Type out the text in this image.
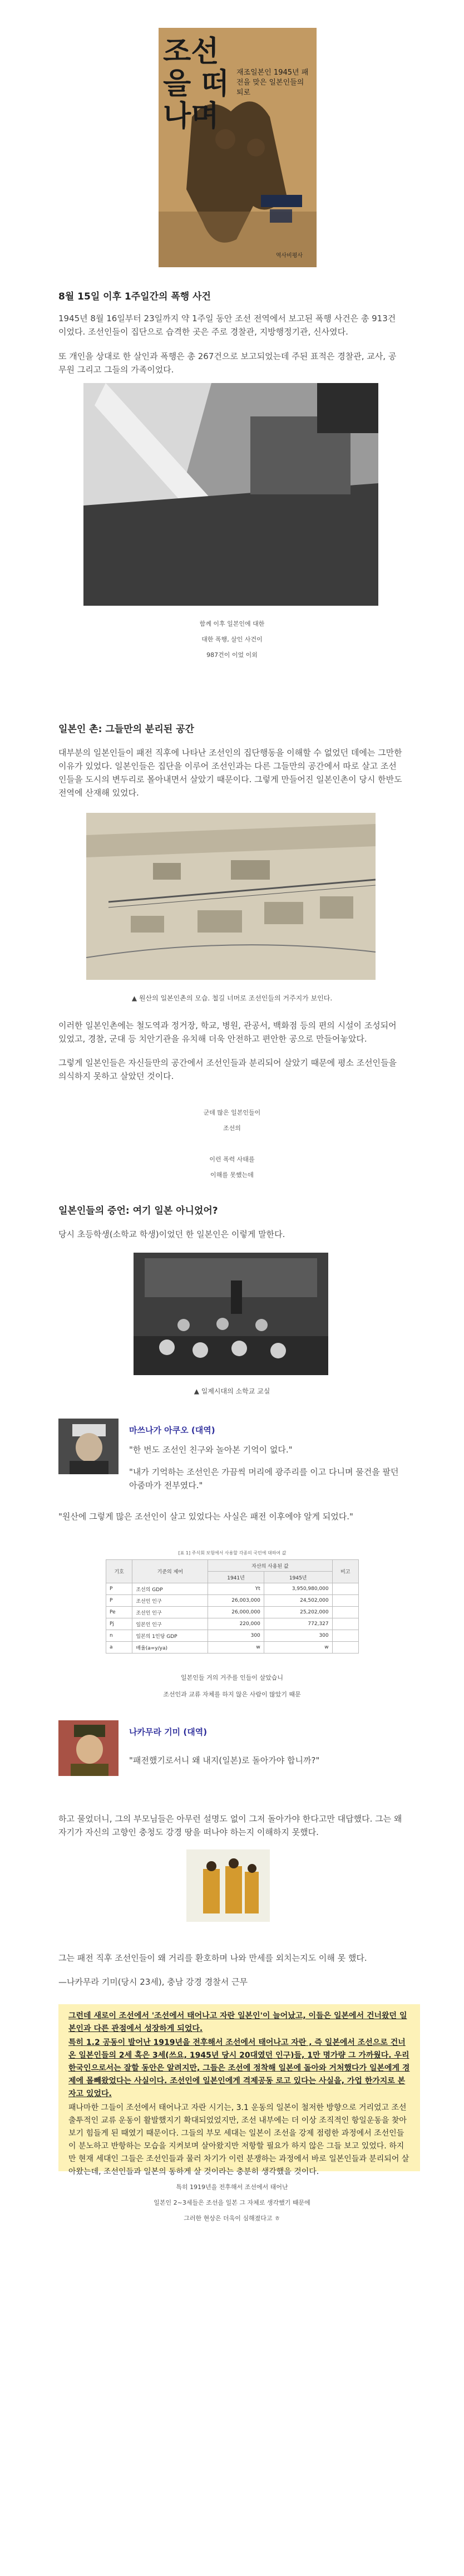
조선을 떠나며
재조일본인 1945년 패전을 맞은 일본인들의 퇴로
역사비평사
8월 15일 이후 1주일간의 폭행 사건

1945년 8월 16일부터 23일까지 약 1주일 동안 조선 전역에서 보고된 폭행 사건은 총 913건이었다. 조선인들이 집단으로 습격한 곳은 주로 경찰관, 지방행정기관, 신사였다.

또 개인을 상대로 한 살인과 폭행은 총 267건으로 보고되었는데 주된 표적은 경찰관, 교사, 공무원 그리고 그들의 가족이었다.

함께 이후 일본인에 대한
대한 폭행, 살인 사건이
987건이 이었 이외
일본인 촌: 그들만의 분리된 공간

대부분의 일본인들이 패전 직후에 나타난 조선인의 집단행동을 이해할 수 없었던 데에는 그만한 이유가 있었다. 일본인들은 집단을 이루어 조선인과는 다른 그들만의 공간에서 따로 살고 조선인들을 도시의 변두리로 몰아내면서 살았기 때문이다. 그렇게 만들어진 일본인촌이 당시 한반도 전역에 산재해 있었다.

▲ 원산의 일본인촌의 모습. 철길 너머로 조선인들의 거주지가 보인다.

이러한 일본인촌에는 철도역과 정거장, 학교, 병원, 관공서, 백화점 등의 편의 시설이 조성되어 있었고, 경찰, 군대 등 치안기관을 유치해 더욱 안전하고 편안한 공으로 만들어놓았다.

그렇게 일본인들은 자신들만의 공간에서 조선인들과 분리되어 살았기 때문에 평소 조선인들을 의식하지 못하고 살았던 것이다.

군데 많은 일본인들이
조선의
이런 폭력 사태를
이해를 못했는데
일본인들의 증언: 여기 일본 아니었어?

당시 초등학생(소학교 학생)이었던 한 일본인은 이렇게 말한다.

▲ 일제시대의 소학교 교실
마쓰나가 아쿠오 (대역)

"한 번도 조선인 친구와 놀아본 기억이 없다."

"내가 기억하는 조선인은 가끔씩 머리에 광주리를 이고 다니며 물건을 팔던 아줌마가 전부였다."

"원산에 그렇게 많은 조선인이 살고 있었다는 사실은 패전 이후에야 알게 되었다."

[표 1] 주식회 보험에서 사용할 각종의 국민에 대하여 값
기호	기준의 제어	자산의 사용된 값		비고
		1941년	1945년	
P	조선의 GDP	Yt	3,950,980,000	
P	조선인 인구	26,003,000	24,502,000	
Pe	조선인 인구	26,000,000	25,202,000	
Pj	일본인 인구	220,000	772,327	
n	일본의 1인당 GDP	300	300	
a	배율(a=y/ya)	w	w	
일본인들 거의 거주를 인들이 살았습니
조선인과 교류 자체를 하지 않은 사람이 많았기 때문
나카무라 기미 (대역)

"패전했기로서니 왜 내지(일본)로 돌아가야 합니까?"

하고 물었더니, 그의 부모님들은 아무런 설명도 없이 그저 돌아가야 한다고만 대답했다. 그는 왜 자기가 자신의 고향인 충청도 강경 땅을 떠나야 하는지 이해하지 못했다.

그는 패전 직후 조선인들이 왜 거리를 환호하며 나와 만세를 외치는지도 이해 못 했다.

—나카무라 기미(당시 23세), 충남 강경 경찰서 근무

그런데 새로이 조선에서 '조선에서 태어나고 자란 일본인'이 늘어났고, 이들은 일본에서 건너왔던 일본인과 다른 관점에서 성장하게 되었다.

특히 1.2 공동이 발어난 1919년을 전후해서 조선에서 태어나고 자란 , 즉 일본에서 조선으로 건너온 일본인들의 2세 혹은 3세(쓰요, 1945년 당시 20대였던 인구)들, 1만 명가량 그 가까웠다. 우리 한국인으로서는 잘할 동안은 알려지만, 그들은 조선에 정착해 일본에 돌아와 거처했다가 일본에게 경제에 몰빼왔었다는 사실이다. 조선인에 일본인에게 격제공동 로고 있다는 사실을, 가업 한가지로 본 자고 있었다.

패나마한 그들이 조선에서 태어나고 자란 시기는, 3.1 운동의 일본이 철저한 방향으로 거리었고 조선 출투적인 교류 운동이 활발했지기 확대되었었지만, 조선 내부에는 더 이상 조직적인 항일운동을 찾아보기 힘들게 된 때였기 때문이다. 그들의 부모 세대는 일본이 조선을 강제 점령한 과정에서 조선인들이 분노하고 반항하는 모습을 지켜보며 살아왔지만 저항할 필요가 하지 않은 그들 보고 있었다. 하지만 현재 세대인 그들은 조선인들과 물러 차기가 이런 분쟁하는 과정에서 바로 일본인들과 분리되어 살아왔는데, 조선인들과 일본의 동하게 살 것이라는 충분히 생각했을 것이다.

특히 1919년을 전후해서 조선에서 태어난
일본인 2~3세들은 조선을 일본 그 자체로 생각했기 때문에
그러한 현상은 더욱이 심해졌다고 ㅎ
